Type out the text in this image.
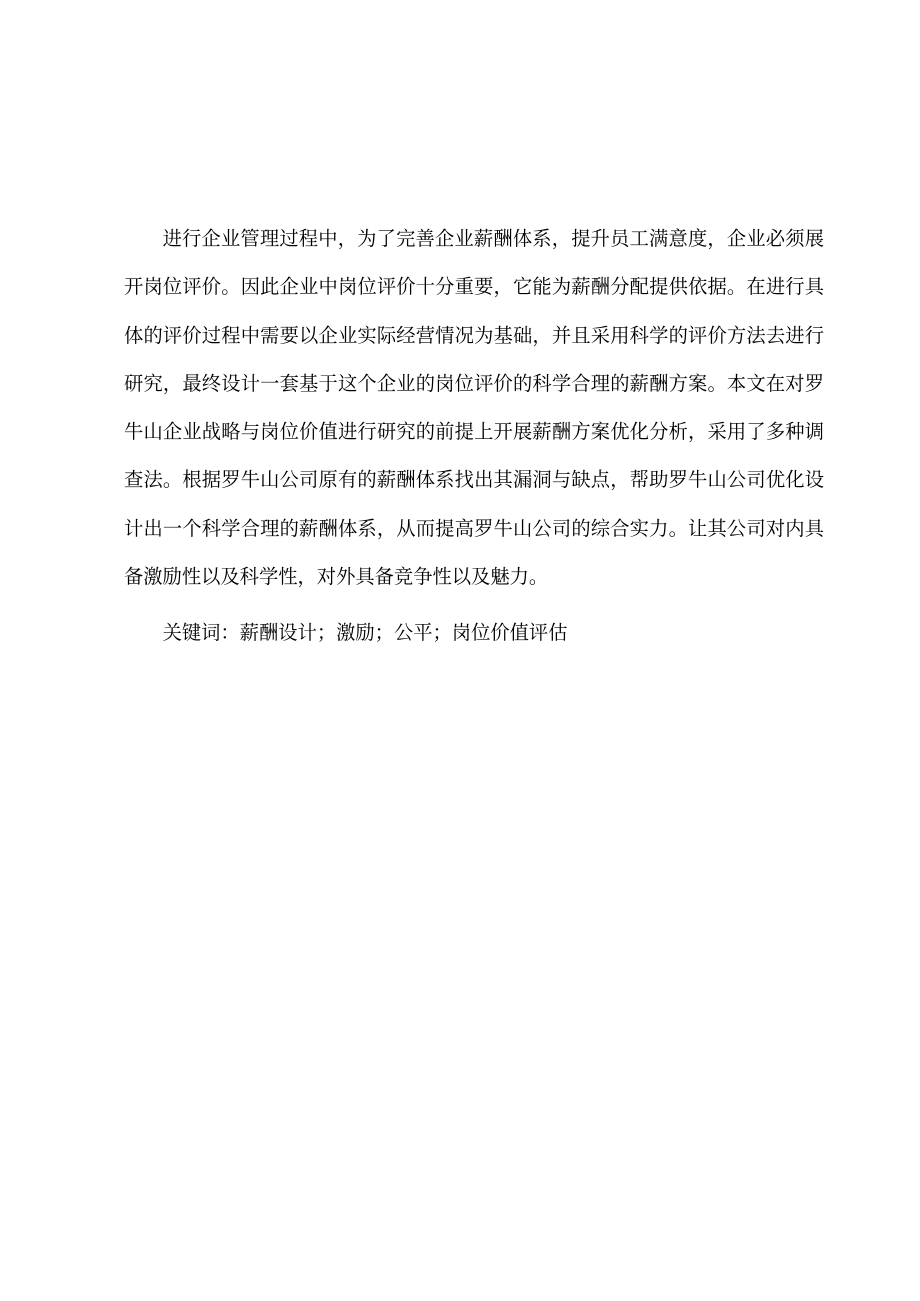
进行企业管理过程中，为了完善企业薪酬体系，提升员工满意度，企业必须展开岗位评价。因此企业中岗位评价十分重要，它能为薪酬分配提供依据。在进行具体的评价过程中需要以企业实际经营情况为基础，并且采用科学的评价方法去进行研究，最终设计一套基于这个企业的岗位评价的科学合理的薪酬方案。本文在对罗牛山企业战略与岗位价值进行研究的前提上开展薪酬方案优化分析，采用了多种调查法。根据罗牛山公司原有的薪酬体系找出其漏洞与缺点，帮助罗牛山公司优化设计出一个科学合理的薪酬体系，从而提高罗牛山公司的综合实力。让其公司对内具备激励性以及科学性，对外具备竞争性以及魅力。

关键词：薪酬设计；激励；公平；岗位价值评估
